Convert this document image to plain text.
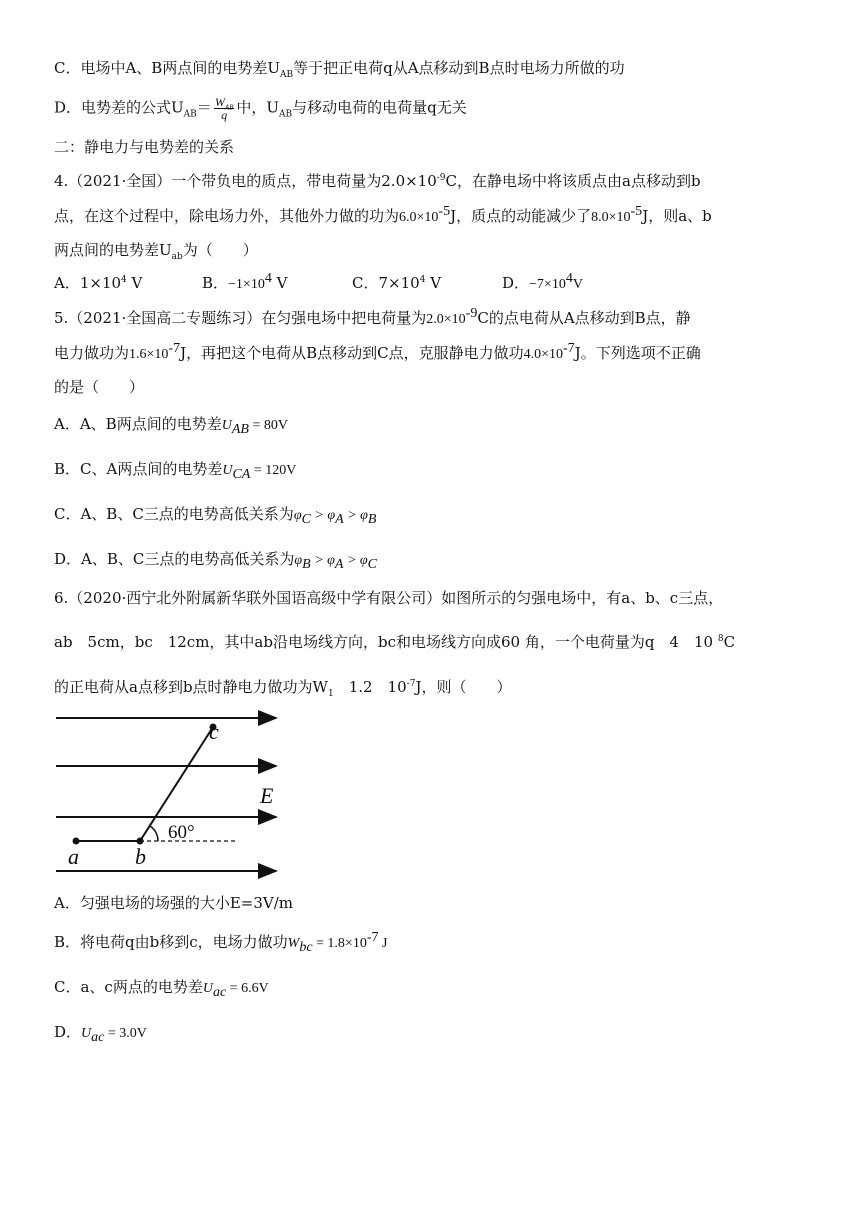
C．电场中A、B两点间的电势差$U_{AB}$等于把正电荷q从A点移动到B点时电场力所做的功
D．电势差的公式$U_{AB}= \frac{W_{AB}}{q}$ 中，$U_{AB}$与移动电荷的电荷量q无关
二：静电力与电势差的关系
4.（2021·全国）一个带负电的质点，带电荷量为$2.0\times 10^{-9}C$，在静电场中将该质点由a点移动到b
点，在这个过程中，除电场力外，其他外力做的功为$6.0\times 10^{-5}J$，质点的动能减少了$8.0\times 10^{-5}J$，则a、b
两点间的电势差$U_{ab}$为（　　）
A．$1\times 10^4$ V	B．$-1\times 10^4$ V	C．$7\times 10^4$ V	D．$-7\times 10^4V$
5.（2021·全国高二专题练习）在匀强电场中把电荷量为$2.0\times 10^{-9}C$的点电荷从A点移动到B点，静
电力做功为$1.6\times 10^{-7}J$，再把这个电荷从B点移动到C点，克服静电力做功$4.0\times 10^{-7}J$。下列选项不正确
的是（　　）
A．A、B两点间的电势差$U_{AB} = 80V$
B．C、A两点间的电势差$U_{CA} = 120V$
C．A、B、C三点的电势高低关系为$\varphi_C > \varphi_A > \varphi_B$
D．A、B、C三点的电势高低关系为$\varphi_B > \varphi_A > \varphi_C$
6.（2020·西宁北外附属新华联外国语高级中学有限公司）如图所示的匀强电场中，有a、b、c三点，
ab　5cm，bc　12cm，其中ab沿电场线方向，bc和电场线方向成60 角，一个电荷量为q　4　10 $^8$C
的正电荷从a点移到b点时静电力做功为$W_1$　1.2　$10^{-7}J$，则（　　）
c
E
60°
a	b
A．匀强电场的场强的大小E=3V/m
B．将电荷q由b移到c，电场力做功$W_{bc} = 1.8\times 10^{-7}$ J
C．a、c两点的电势差$U_{ac} = 6.6V$
D．$U_{ac} = 3.0V$
